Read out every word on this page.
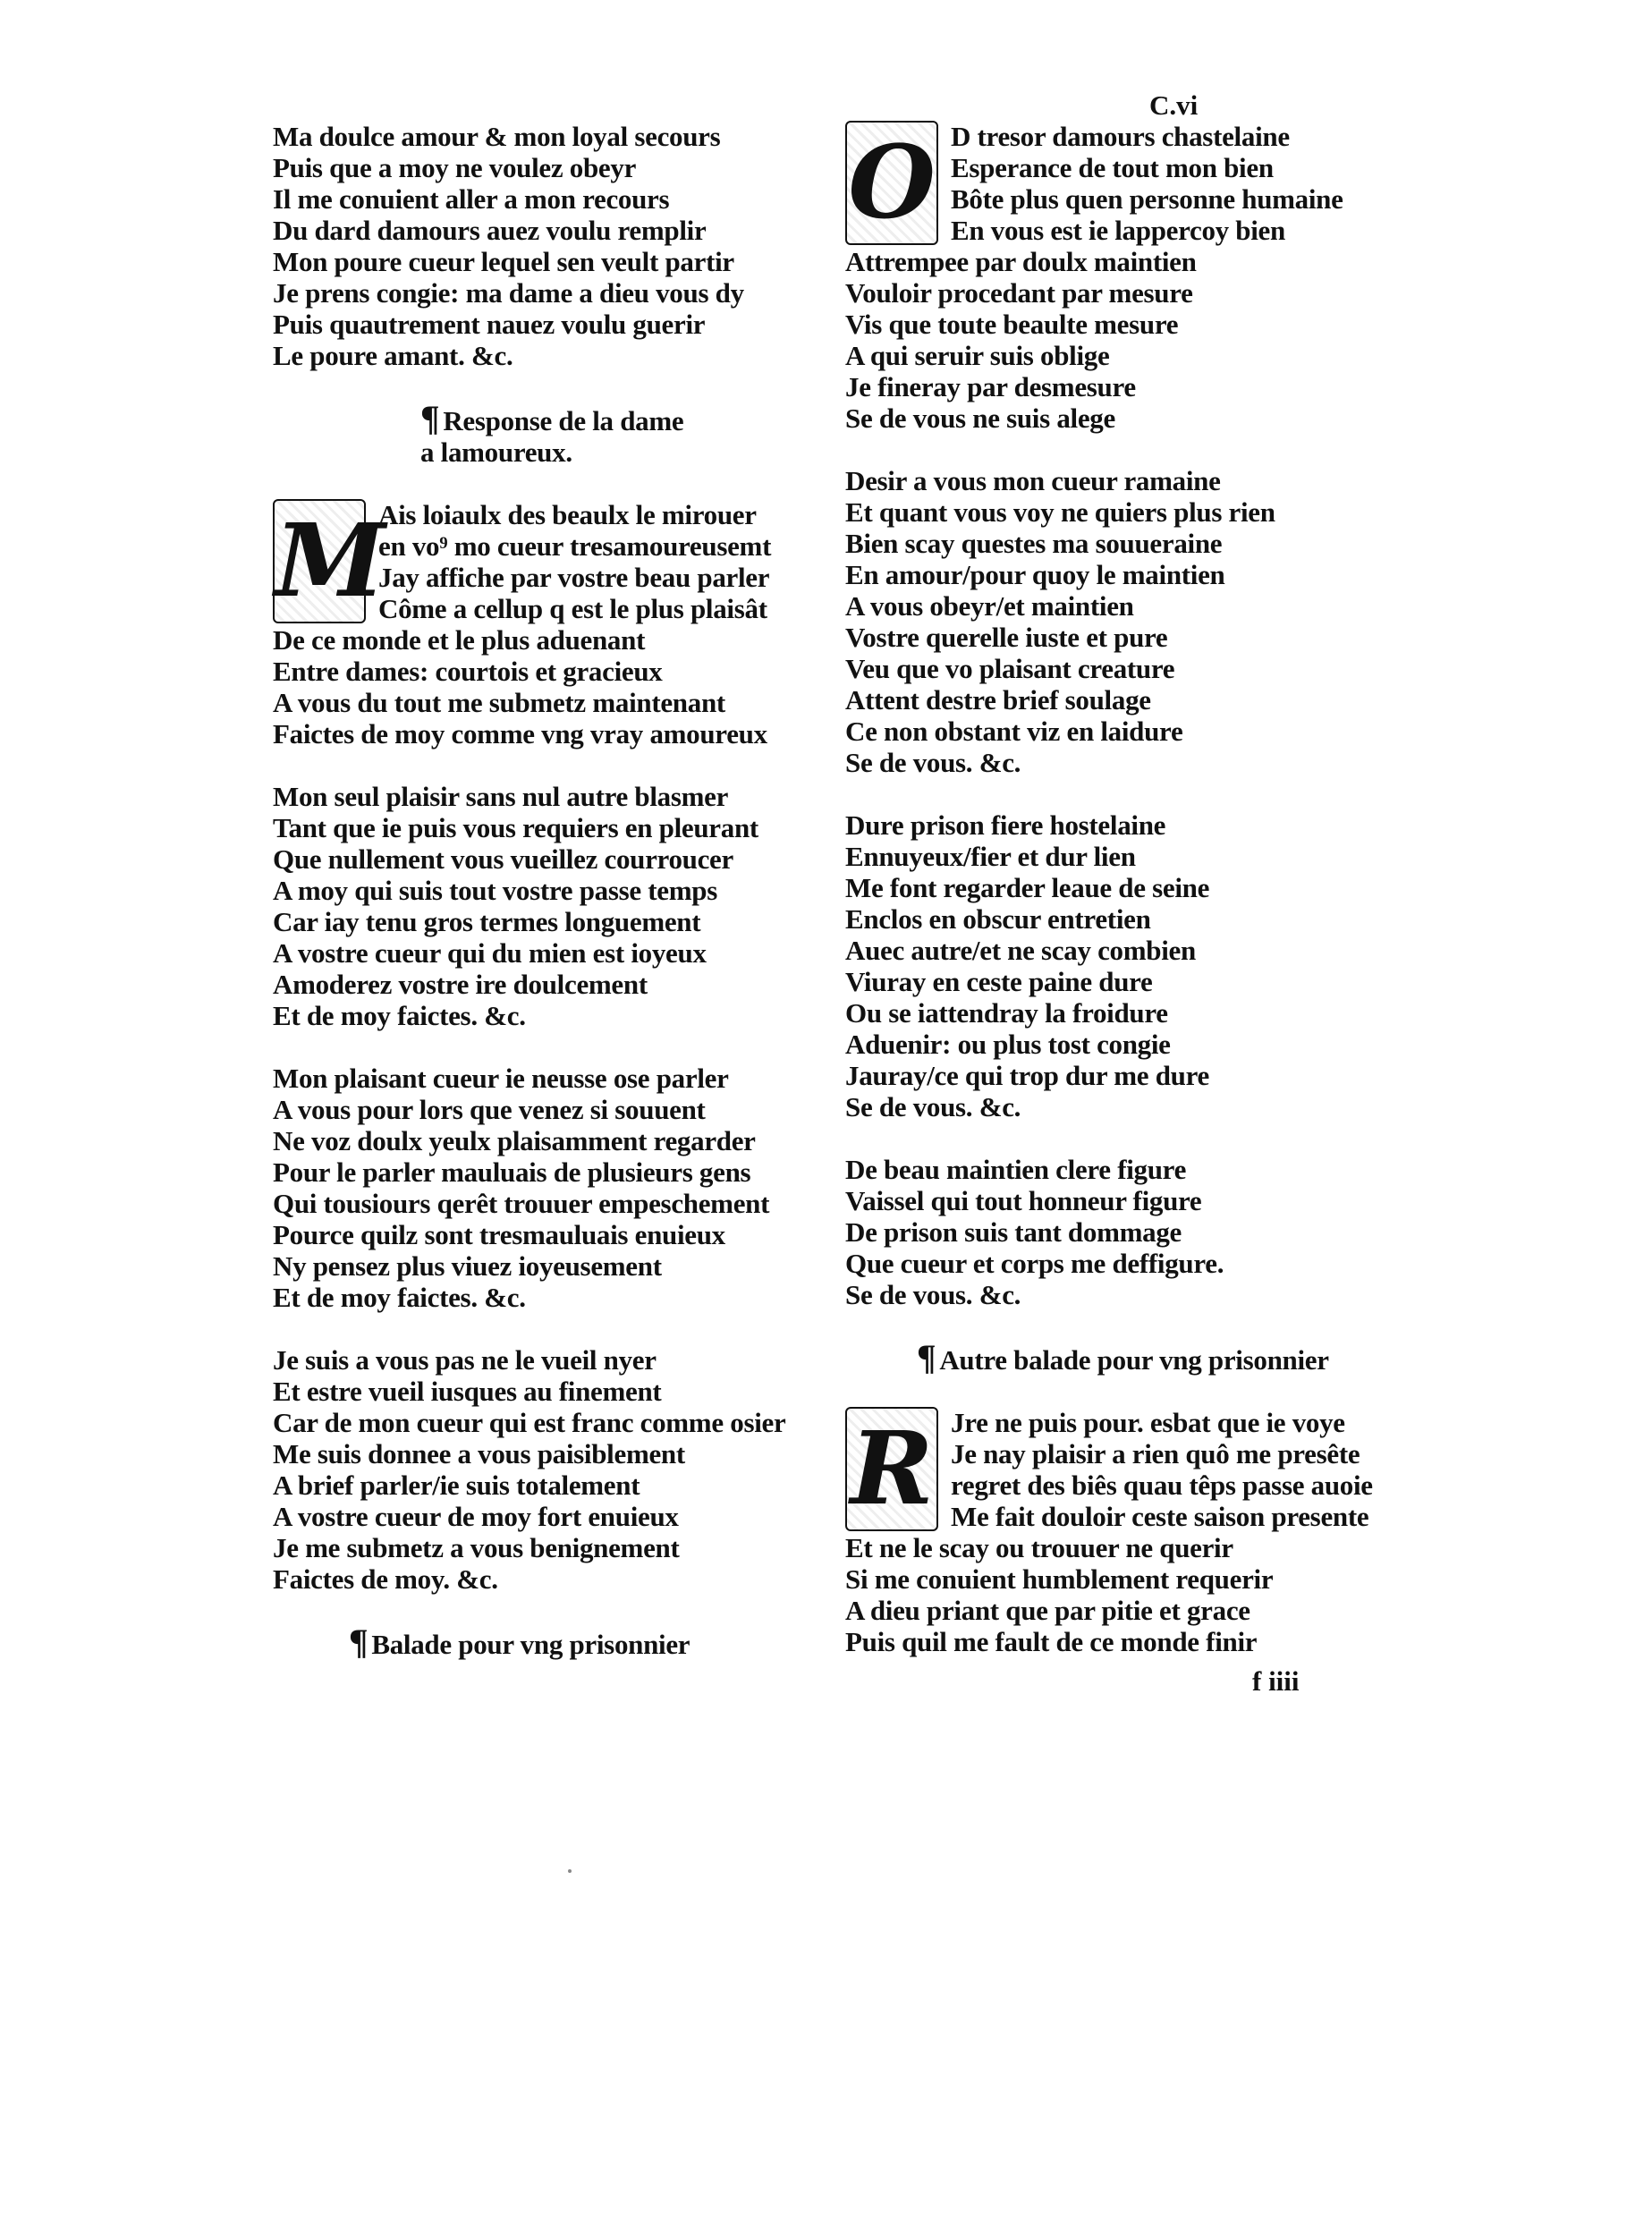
C.vi
Ma doulce amour & mon loyal secours
Puis que a moy ne voulez obeyr
Il me conuient aller a mon recours
Du dard damours auez voulu remplir
Mon poure cueur lequel sen veult partir
Je prens congie: ma dame a dieu vous dy
Puis quautrement nauez voulu guerir
Le poure amant. &c.
¶ Response de la dame
a lamoureux.
M
Ais loiaulx des beaulx le mirouer
en vo⁹ mo cueur tresamoureusemt
Jay affiche par vostre beau parler
Côme a cellup q est le plus plaisât
De ce monde et le plus aduenant
Entre dames: courtois et gracieux
A vous du tout me submetz maintenant
Faictes de moy comme vng vray amoureux
Mon seul plaisir sans nul autre blasmer
Tant que ie puis vous requiers en pleurant
Que nullement vous vueillez courroucer
A moy qui suis tout vostre passe temps
Car iay tenu gros termes longuement
A vostre cueur qui du mien est ioyeux
Amoderez vostre ire doulcement
Et de moy faictes. &c.
Mon plaisant cueur ie neusse ose parler
A vous pour lors que venez si souuent
Ne voz doulx yeulx plaisamment regarder
Pour le parler mauluais de plusieurs gens
Qui tousiours qerêt trouuer empeschement
Pource quilz sont tresmauluais enuieux
Ny pensez plus viuez ioyeusement
Et de moy faictes. &c.
Je suis a vous pas ne le vueil nyer
Et estre vueil iusques au finement
Car de mon cueur qui est franc comme osier
Me suis donnee a vous paisiblement
A brief parler/ie suis totalement
A vostre cueur de moy fort enuieux
Je me submetz a vous benignement
Faictes de moy. &c.
¶ Balade pour vng prisonnier
O D tresor damours chastelaine
Esperance de tout mon bien
Bôte plus quen personne humaine
En vous est ie lappercoy bien
Attrempee par doulx maintien
Vouloir procedant par mesure
Vis que toute beaulte mesure
A qui seruir suis oblige
Je fineray par desmesure
Se de vous ne suis alege
Desir a vous mon cueur ramaine
Et quant vous voy ne quiers plus rien
Bien scay questes ma souueraine
En amour/pour quoy le maintien
A vous obeyr/et maintien
Vostre querelle iuste et pure
Veu que vo plaisant creature
Attent destre brief soulage
Ce non obstant viz en laidure
Se de vous. &c.
Dure prison fiere hostelaine
Ennuyeux/fier et dur lien
Me font regarder leaue de seine
Enclos en obscur entretien
Auec autre/et ne scay combien
Viuray en ceste paine dure
Ou se iattendray la froidure
Aduenir: ou plus tost congie
Jauray/ce qui trop dur me dure
Se de vous. &c.
De beau maintien clere figure
Vaissel qui tout honneur figure
De prison suis tant dommage
Que cueur et corps me deffigure.
Se de vous. &c.
¶ Autre balade pour vng prisonnier
R Jre ne puis pour. esbat que ie voye
Je nay plaisir a rien quô me presête
regret des biês quau têps passe auoie
Me fait douloir ceste saison presente
Et ne le scay ou trouuer ne querir
Si me conuient humblement requerir
A dieu priant que par pitie et grace
Puis quil me fault de ce monde finir
f iiii
